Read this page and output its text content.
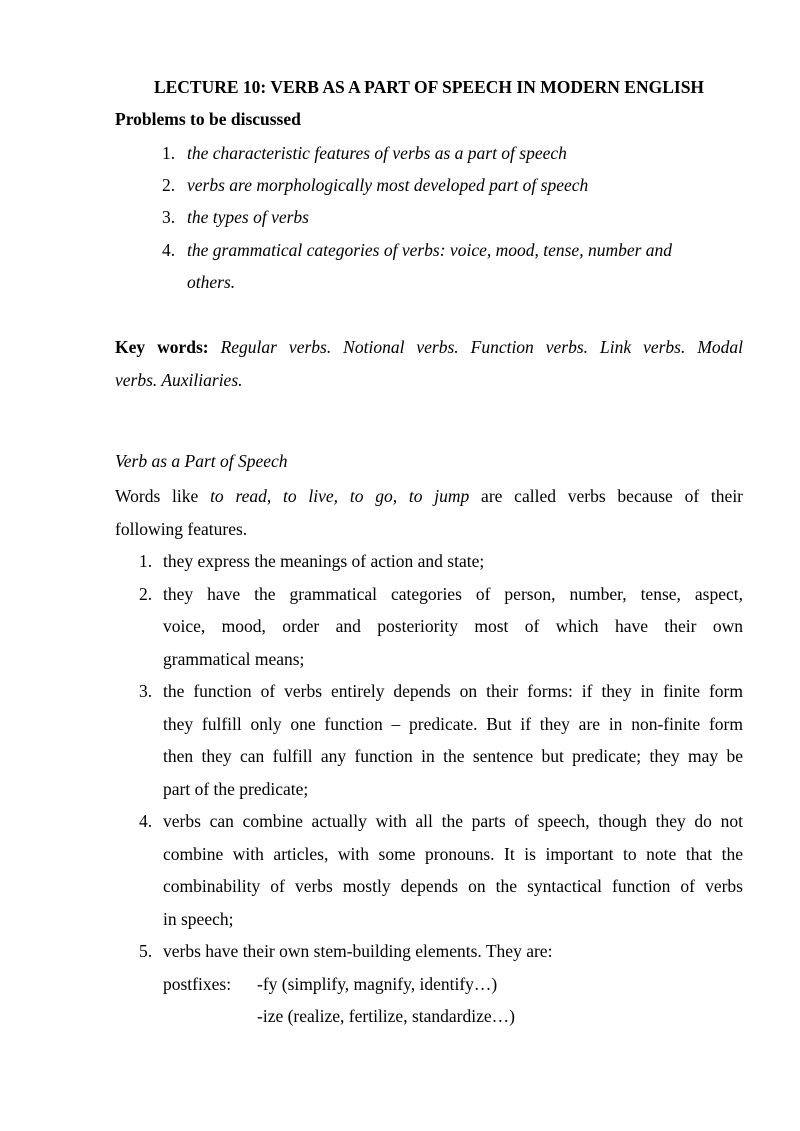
LECTURE 10: VERB AS A PART OF SPEECH IN MODERN ENGLISH
Problems to be discussed
1. the characteristic features of verbs as a part of speech
2. verbs are morphologically most developed part of speech
3. the types of verbs
4. the grammatical categories of verbs: voice, mood, tense, number and
others.
Key words: Regular verbs. Notional verbs. Function verbs. Link verbs. Modal
verbs. Auxiliaries.
Verb as a Part of Speech
Words like to read, to live, to go, to jump are called verbs because of their
following features.
1. they express the meanings of action and state;
2. they have the grammatical categories of person, number, tense, aspect,
voice, mood, order and posteriority most of which have their own
grammatical means;
3. the function of verbs entirely depends on their forms: if they in finite form
they fulfill only one function – predicate. But if they are in non-finite form
then they can fulfill any function in the sentence but predicate; they may be
part of the predicate;
4. verbs can combine actually with all the parts of speech, though they do not
combine with articles, with some pronouns. It is important to note that the
combinability of verbs mostly depends on the syntactical function of verbs
in speech;
5. verbs have their own stem-building elements. They are:
postfixes: -fy (simplify, magnify, identify…)
-ize (realize, fertilize, standardize…)
